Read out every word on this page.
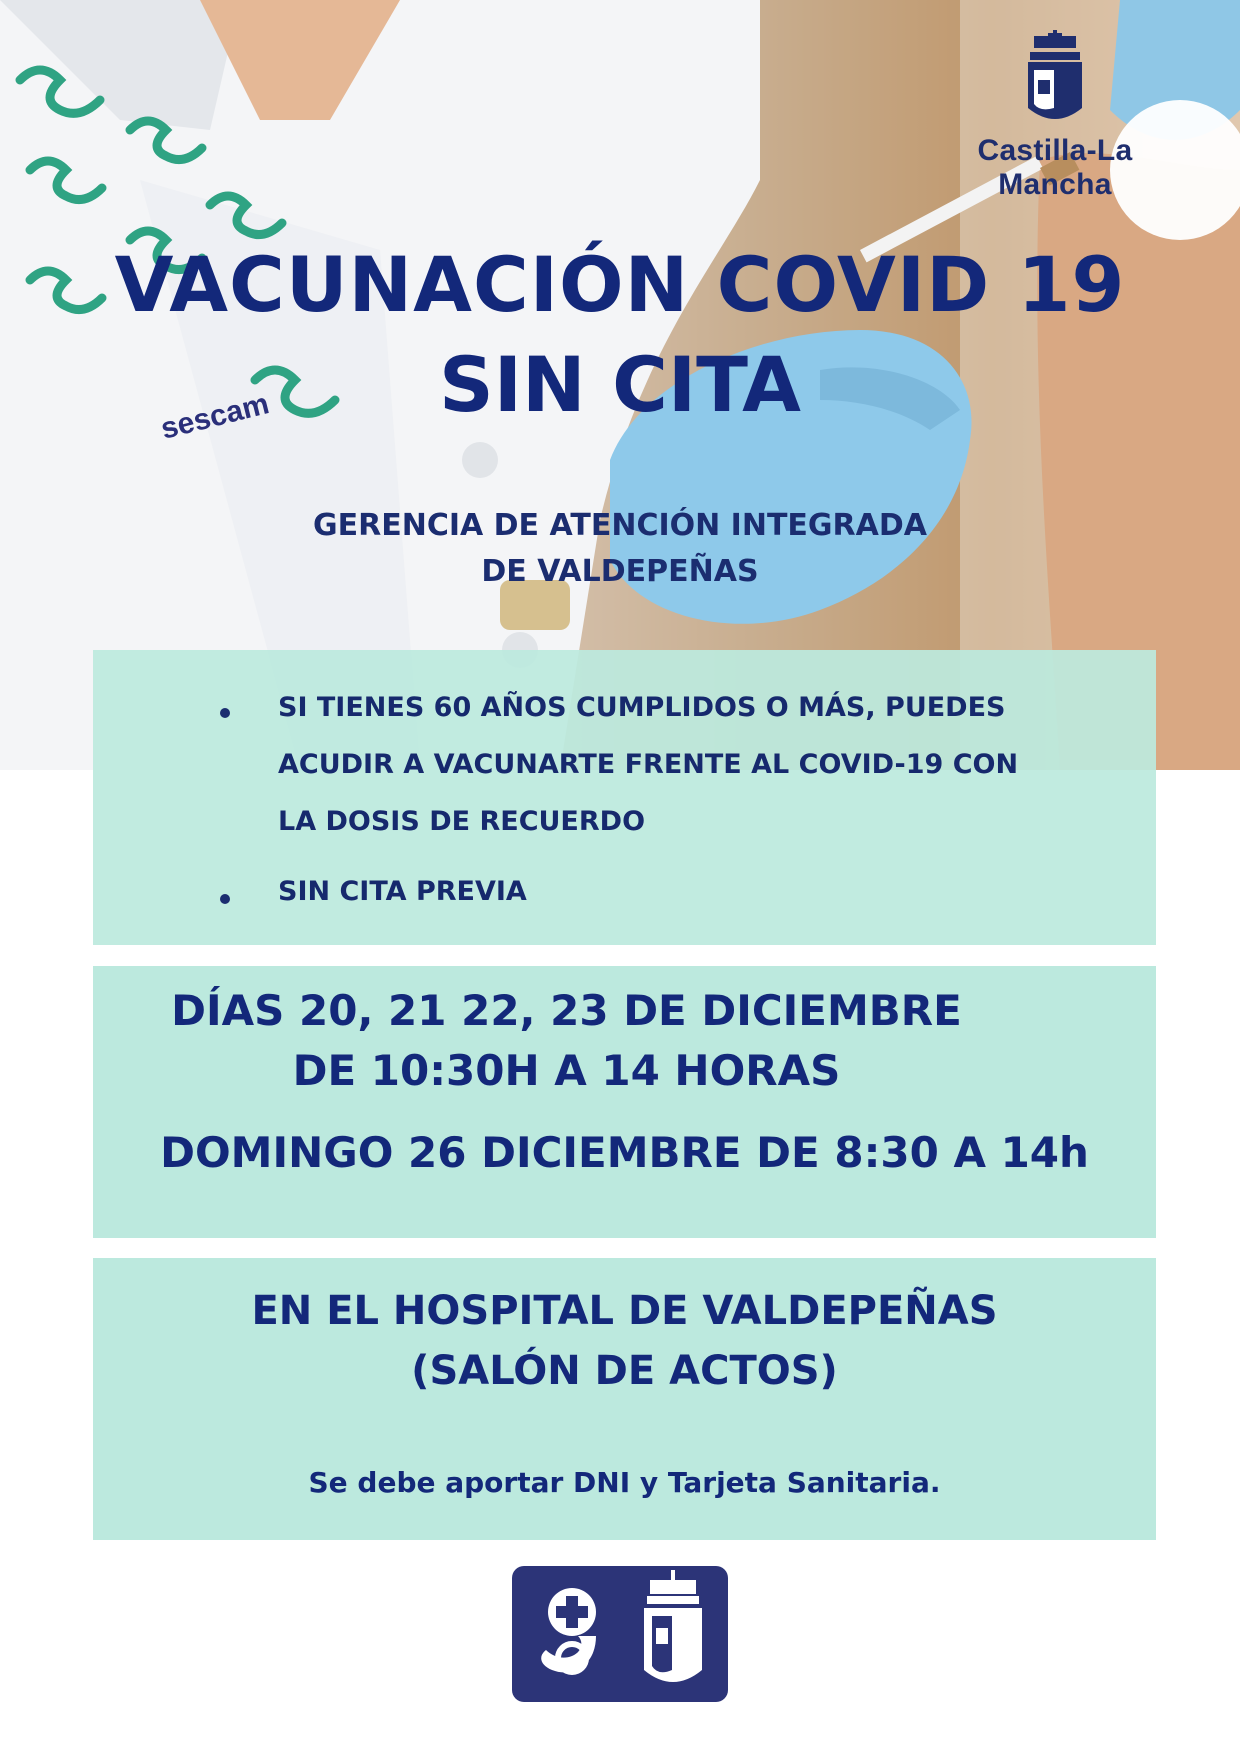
sescam
Castilla-La Mancha
VACUNACIÓN COVID 19
SIN CITA
GERENCIA DE ATENCIÓN INTEGRADA
DE VALDEPEÑAS
SI TIENES 60 AÑOS CUMPLIDOS O MÁS, PUEDES
ACUDIR A VACUNARTE FRENTE AL COVID-19 CON
LA DOSIS DE RECUERDO
SIN CITA PREVIA
DÍAS 20, 21 22, 23 DE DICIEMBRE
DE 10:30H A 14 HORAS
DOMINGO 26 DICIEMBRE DE 8:30 A 14h
EN EL HOSPITAL DE VALDEPEÑAS
(SALÓN DE ACTOS)
Se debe aportar DNI y Tarjeta Sanitaria.
